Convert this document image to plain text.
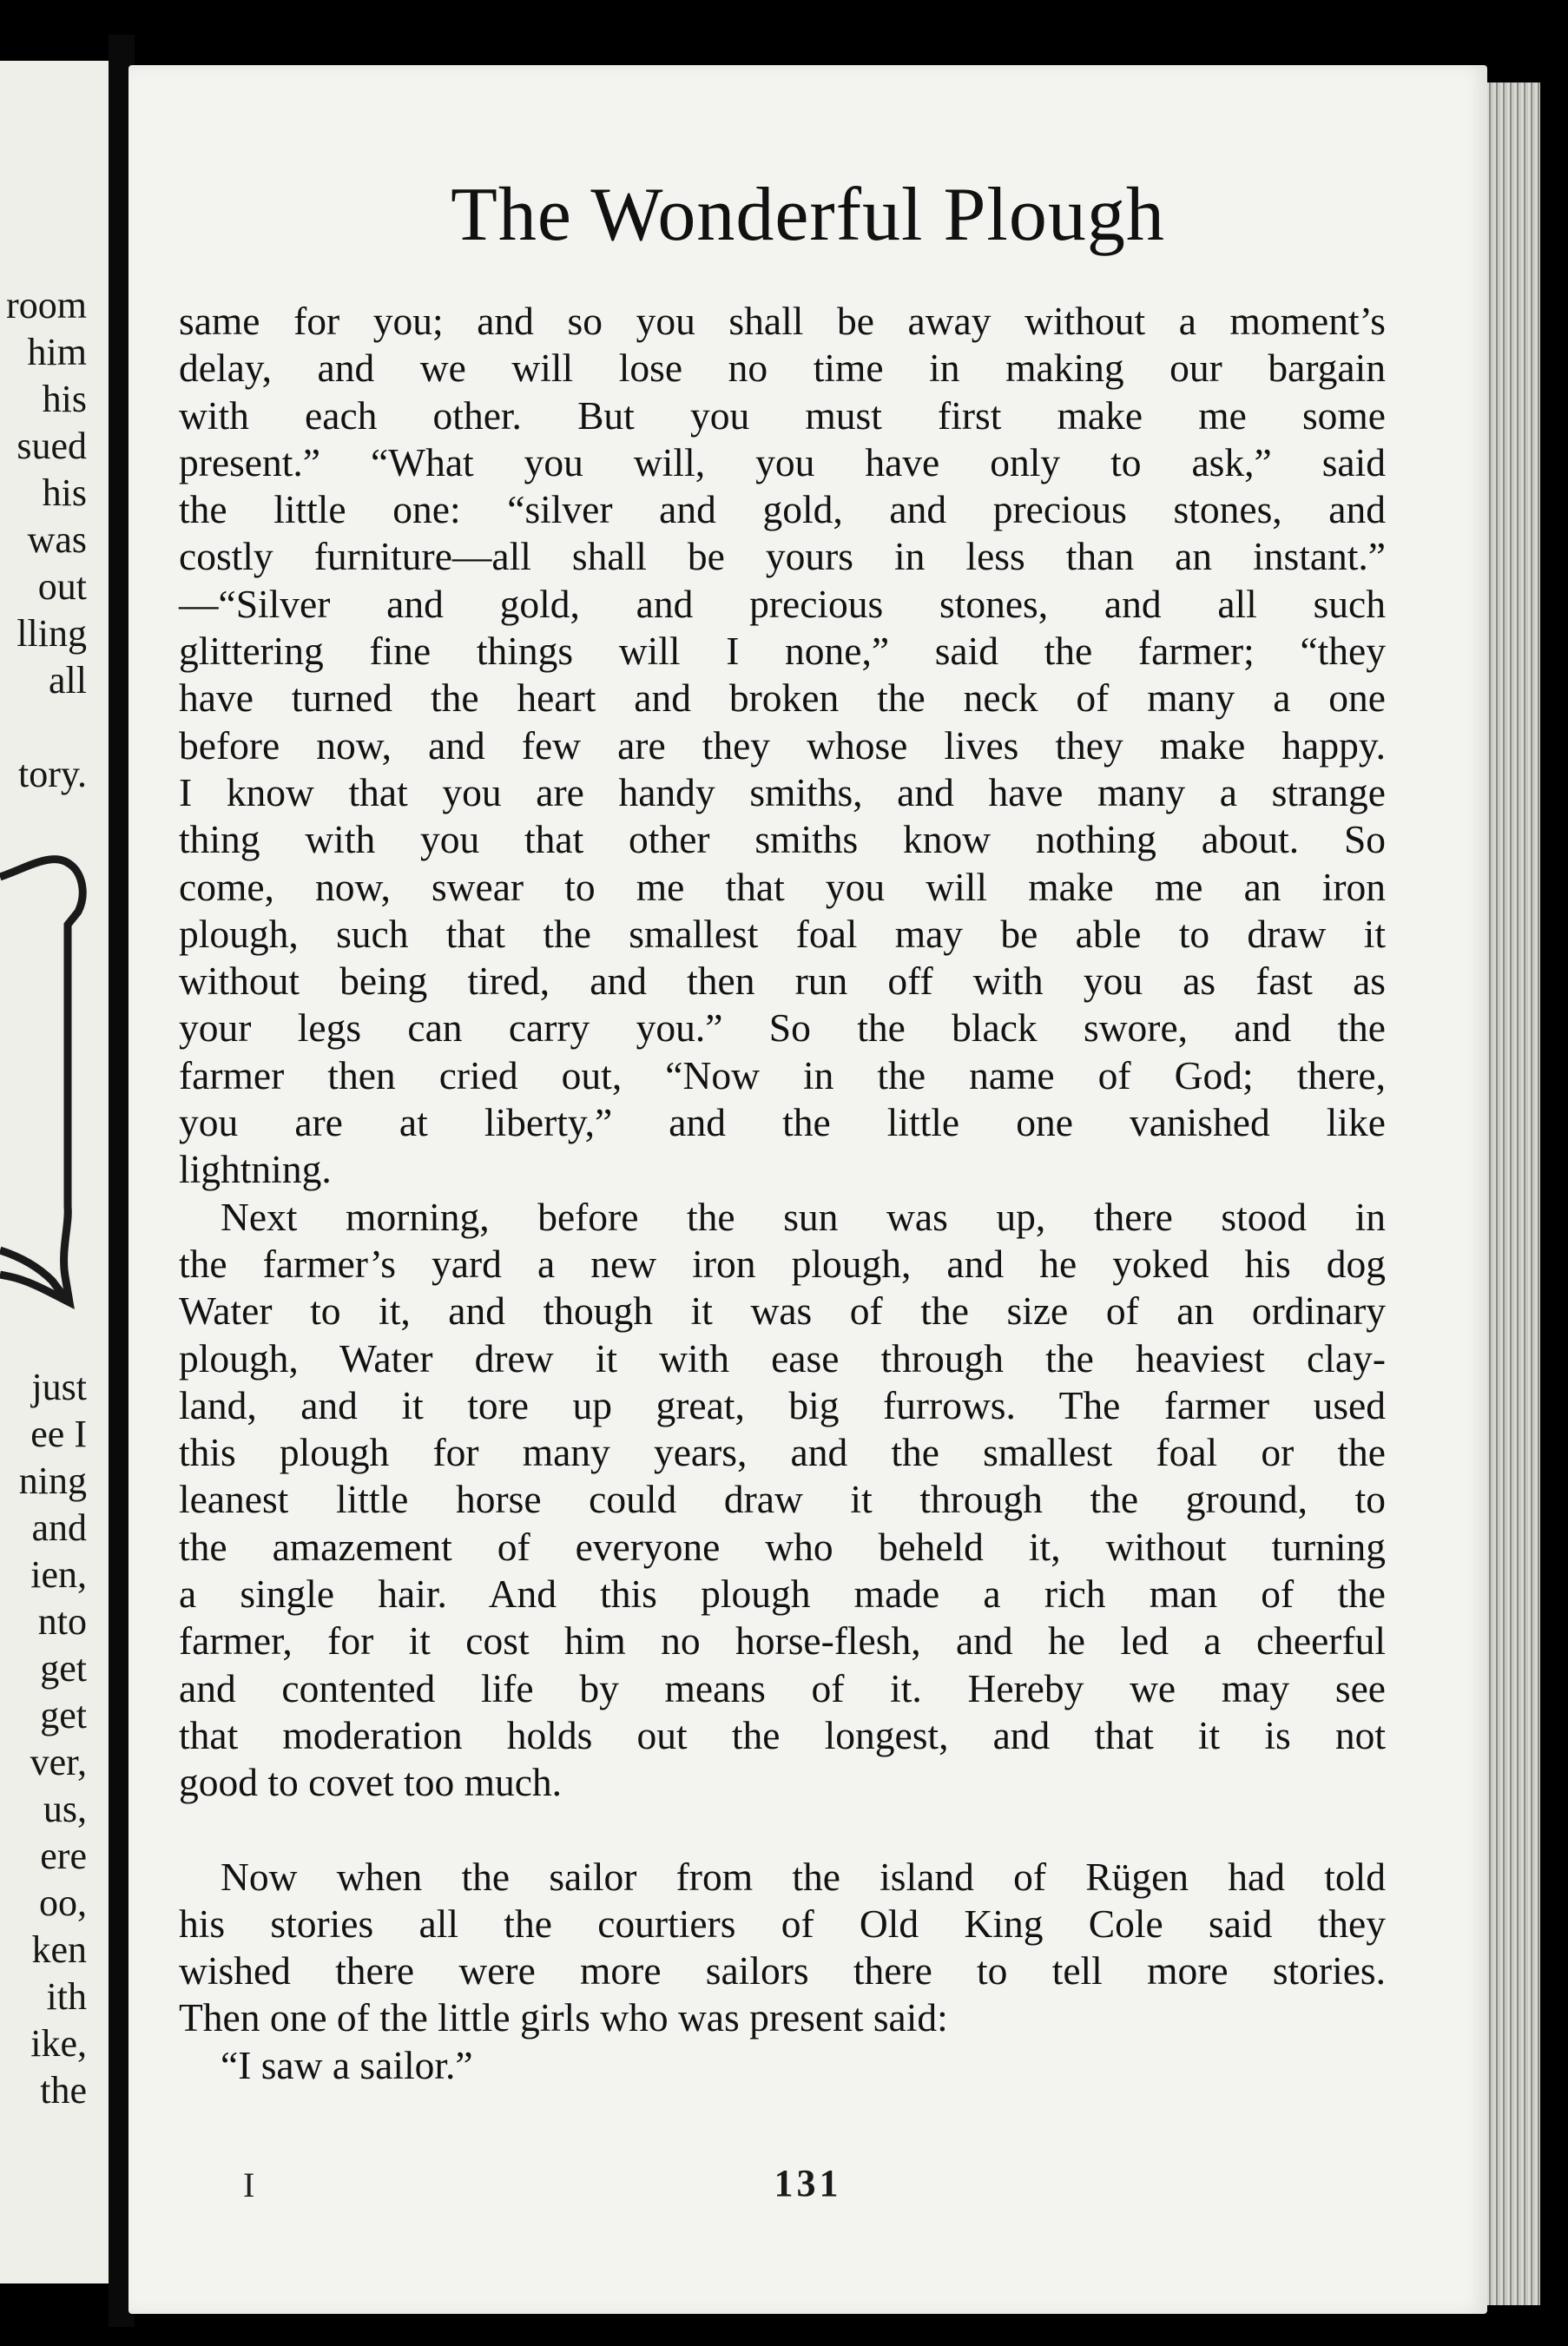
room
him
his
sued
his
was
out
lling
all
tory.
just
ee I
ning
and
ien,
nto
get
get
ver,
us,
ere
oo,
ken
ith
ike,
the
The Wonderful Plough
same for you; and so you shall be away without a moment’s
delay, and we will lose no time in making our bargain
with each other. But you must first make me some
present.” “What you will, you have only to ask,” said
the little one: “silver and gold, and precious stones, and
costly furniture—all shall be yours in less than an instant.”
—“Silver and gold, and precious stones, and all such
glittering fine things will I none,” said the farmer; “they
have turned the heart and broken the neck of many a one
before now, and few are they whose lives they make happy.
I know that you are handy smiths, and have many a strange
thing with you that other smiths know nothing about. So
come, now, swear to me that you will make me an iron
plough, such that the smallest foal may be able to draw it
without being tired, and then run off with you as fast as
your legs can carry you.” So the black swore, and the
farmer then cried out, “Now in the name of God; there,
you are at liberty,” and the little one vanished like
lightning.
Next morning, before the sun was up, there stood in
the farmer’s yard a new iron plough, and he yoked his dog
Water to it, and though it was of the size of an ordinary
plough, Water drew it with ease through the heaviest clay-
land, and it tore up great, big furrows. The farmer used
this plough for many years, and the smallest foal or the
leanest little horse could draw it through the ground, to
the amazement of everyone who beheld it, without turning
a single hair. And this plough made a rich man of the
farmer, for it cost him no horse-flesh, and he led a cheerful
and contented life by means of it. Hereby we may see
that moderation holds out the longest, and that it is not
good to covet too much.
Now when the sailor from the island of Rügen had told
his stories all the courtiers of Old King Cole said they
wished there were more sailors there to tell more stories.
Then one of the little girls who was present said:
“I saw a sailor.”
I	131
